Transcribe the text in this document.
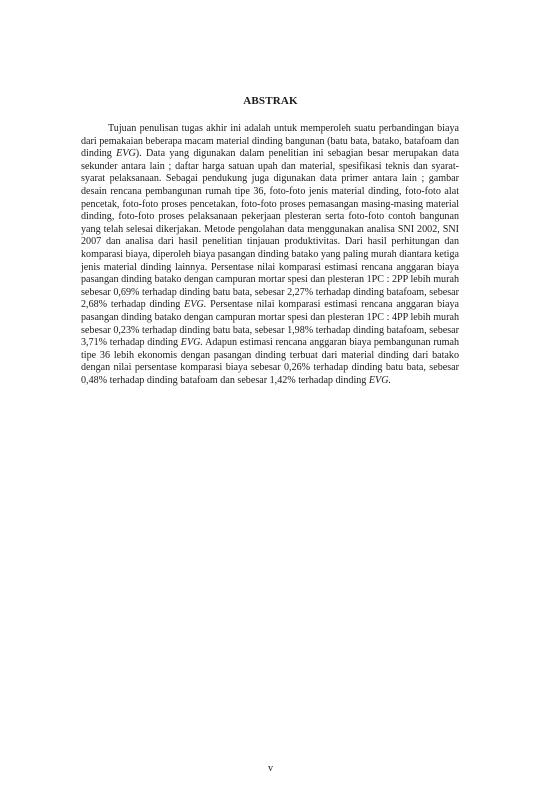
ABSTRAK

Tujuan penulisan tugas akhir ini adalah untuk memperoleh suatu perbandingan biaya dari pemakaian beberapa macam material dinding bangunan (batu bata, batako, batafoam dan dinding EVG). Data yang digunakan dalam penelitian ini sebagian besar merupakan data sekunder antara lain ; daftar harga satuan upah dan material, spesifikasi teknis dan syarat-syarat pelaksanaan. Sebagai pendukung juga digunakan data primer antara lain ; gambar desain rencana pembangunan rumah tipe 36, foto-foto jenis material dinding, foto-foto alat pencetak, foto-foto proses pencetakan, foto-foto proses pemasangan masing-masing material dinding, foto-foto proses pelaksanaan pekerjaan plesteran serta foto-foto contoh bangunan yang telah selesai dikerjakan. Metode pengolahan data menggunakan analisa SNI 2002, SNI 2007 dan analisa dari hasil penelitian tinjauan produktivitas. Dari hasil perhitungan dan komparasi biaya, diperoleh biaya pasangan dinding batako yang paling murah diantara ketiga jenis material dinding lainnya. Persentase nilai komparasi estimasi rencana anggaran biaya pasangan dinding batako dengan campuran mortar spesi dan plesteran 1PC : 2PP lebih murah sebesar 0,69% terhadap dinding batu bata, sebesar 2,27% terhadap dinding batafoam, sebesar 2,68% terhadap dinding EVG. Persentase nilai komparasi estimasi rencana anggaran biaya pasangan dinding batako dengan campuran mortar spesi dan plesteran 1PC : 4PP lebih murah sebesar 0,23% terhadap dinding batu bata, sebesar 1,98% terhadap dinding batafoam, sebesar 3,71% terhadap dinding EVG. Adapun estimasi rencana anggaran biaya pembangunan rumah tipe 36 lebih ekonomis dengan pasangan dinding terbuat dari material dinding dari batako dengan nilai persentase komparasi biaya sebesar 0,26% terhadap dinding batu bata, sebesar 0,48% terhadap dinding batafoam dan sebesar 1,42% terhadap dinding EVG.

v
